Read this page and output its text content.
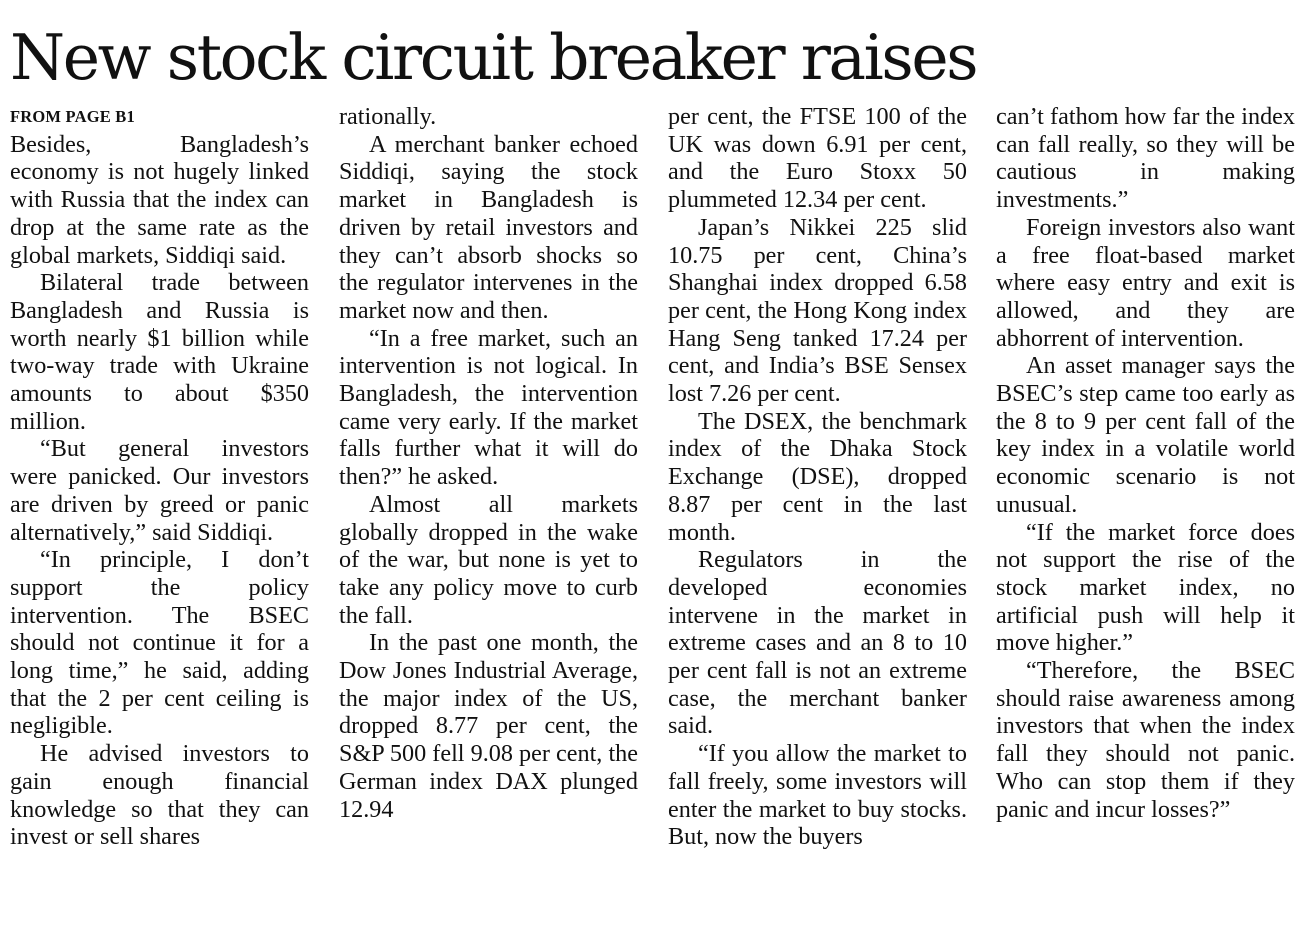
New stock circuit breaker raises
FROM PAGE B1

Besides, Bangladesh’s economy is not hugely linked with Russia that the index can drop at the same rate as the global markets, Siddiqi said.

Bilateral trade between Bangladesh and Russia is worth nearly $1 billion while two-way trade with Ukraine amounts to about $350 million.

“But general investors were panicked. Our investors are driven by greed or panic alternatively,” said Siddiqi.

“In principle, I don’t support the policy intervention. The BSEC should not continue it for a long time,” he said, adding that the 2 per cent ceiling is negligible.

He advised investors to gain enough financial knowledge so that they can invest or sell shares

rationally.

A merchant banker echoed Siddiqi, saying the stock market in Bangladesh is driven by retail investors and they can’t absorb shocks so the regulator intervenes in the market now and then.

“In a free market, such an intervention is not logical. In Bangladesh, the intervention came very early. If the market falls further what it will do then?” he asked.

Almost all markets globally dropped in the wake of the war, but none is yet to take any policy move to curb the fall.

In the past one month, the Dow Jones Industrial Average, the major index of the US, dropped 8.77 per cent, the S&P 500 fell 9.08 per cent, the German index DAX plunged 12.94

per cent, the FTSE 100 of the UK was down 6.91 per cent, and the Euro Stoxx 50 plummeted 12.34 per cent.

Japan’s Nikkei 225 slid 10.75 per cent, China’s Shanghai index dropped 6.58 per cent, the Hong Kong index Hang Seng tanked 17.24 per cent, and India’s BSE Sensex lost 7.26 per cent.

The DSEX, the benchmark index of the Dhaka Stock Exchange (DSE), dropped 8.87 per cent in the last month.

Regulators in the developed economies intervene in the market in extreme cases and an 8 to 10 per cent fall is not an extreme case, the merchant banker said.

“If you allow the market to fall freely, some investors will enter the market to buy stocks. But, now the buyers

can’t fathom how far the index can fall really, so they will be cautious in making investments.”

Foreign investors also want a free float-based market where easy entry and exit is allowed, and they are abhorrent of intervention.

An asset manager says the BSEC’s step came too early as the 8 to 9 per cent fall of the key index in a volatile world economic scenario is not unusual.

“If the market force does not support the rise of the stock market index, no artificial push will help it move higher.”

“Therefore, the BSEC should raise awareness among investors that when the index fall they should not panic. Who can stop them if they panic and incur losses?”
